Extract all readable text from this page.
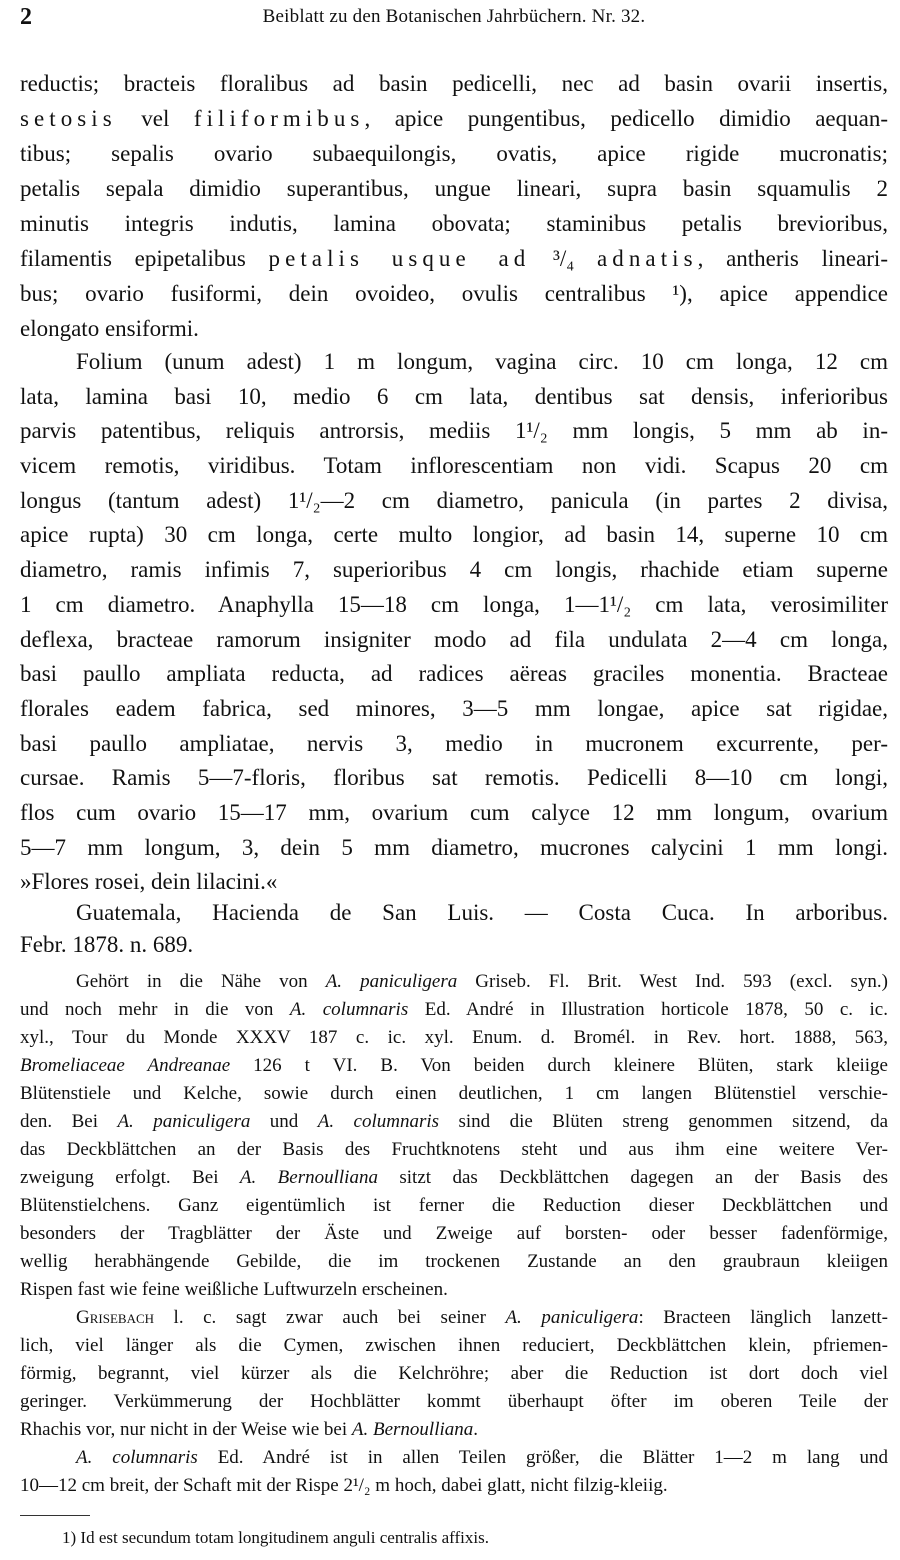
2	Beiblatt zu den Botanischen Jahrbüchern. Nr. 32.
reductis; bracteis floralibus ad basin pedicelli, nec ad basin ovarii insertis,
setosis vel filiformibus, apice pungentibus, pedicello dimidio aequan-
tibus; sepalis ovario subaequilongis, ovatis, apice rigide mucronatis;
petalis sepala dimidio superantibus, ungue lineari, supra basin squamulis 2
minutis integris indutis, lamina obovata; staminibus petalis brevioribus,
filamentis epipetalibus petalis usque ad ³/₄ adnatis, antheris lineari-
bus; ovario fusiformi, dein ovoideo, ovulis centralibus ¹), apice appendice
elongato ensiformi.
Folium (unum adest) 1 m longum, vagina circ. 10 cm longa, 12 cm
lata, lamina basi 10, medio 6 cm lata, dentibus sat densis, inferioribus
parvis patentibus, reliquis antrorsis, mediis 1¹/₂ mm longis, 5 mm ab in-
vicem remotis, viridibus. Totam inflorescentiam non vidi. Scapus 20 cm
longus (tantum adest) 1¹/₂—2 cm diametro, panicula (in partes 2 divisa,
apice rupta) 30 cm longa, certe multo longior, ad basin 14, superne 10 cm
diametro, ramis infimis 7, superioribus 4 cm longis, rhachide etiam superne
1 cm diametro. Anaphylla 15—18 cm longa, 1—1¹/₂ cm lata, verosimiliter
deflexa, bracteae ramorum insigniter modo ad fila undulata 2—4 cm longa,
basi paullo ampliata reducta, ad radices aëreas graciles monentia. Bracteae
florales eadem fabrica, sed minores, 3—5 mm longae, apice sat rigidae,
basi paullo ampliatae, nervis 3, medio in mucronem excurrente, per-
cursae. Ramis 5—7-floris, floribus sat remotis. Pedicelli 8—10 cm longi,
flos cum ovario 15—17 mm, ovarium cum calyce 12 mm longum, ovarium
5—7 mm longum, 3, dein 5 mm diametro, mucrones calycini 1 mm longi.
»Flores rosei, dein lilacini.«
Guatemala, Hacienda de San Luis. — Costa Cuca. In arboribus.
Febr. 1878. n. 689.
Gehört in die Nähe von A. paniculigera Griseb. Fl. Brit. West Ind. 593 (excl. syn.)
und noch mehr in die von A. columnaris Ed. André in Illustration horticole 1878, 50 c. ic.
xyl., Tour du Monde XXXV 187 c. ic. xyl. Enum. d. Bromél. in Rev. hort. 1888, 563,
Bromeliaceae Andreanae 126 t VI. B. Von beiden durch kleinere Blüten, stark kleiige
Blütenstiele und Kelche, sowie durch einen deutlichen, 1 cm langen Blütenstiel verschie-
den. Bei A. paniculigera und A. columnaris sind die Blüten streng genommen sitzend, da
das Deckblättchen an der Basis des Fruchtknotens steht und aus ihm eine weitere Ver-
zweigung erfolgt. Bei A. Bernoulliana sitzt das Deckblättchen dagegen an der Basis des
Blütenstielchens. Ganz eigentümlich ist ferner die Reduction dieser Deckblättchen und
besonders der Tragblätter der Äste und Zweige auf borsten- oder besser fadenförmige,
wellig herabhängende Gebilde, die im trockenen Zustande an den graubraun kleiigen
Rispen fast wie feine weißliche Luftwurzeln erscheinen.
Grisebach l. c. sagt zwar auch bei seiner A. paniculigera: Bracteen länglich lanzett-
lich, viel länger als die Cymen, zwischen ihnen reduciert, Deckblättchen klein, pfriemen-
förmig, begrannt, viel kürzer als die Kelchröhre; aber die Reduction ist dort doch viel
geringer. Verkümmerung der Hochblätter kommt überhaupt öfter im oberen Teile der
Rhachis vor, nur nicht in der Weise wie bei A. Bernoulliana.
A. columnaris Ed. André ist in allen Teilen größer, die Blätter 1—2 m lang und
10—12 cm breit, der Schaft mit der Rispe 2¹/₂ m hoch, dabei glatt, nicht filzig-kleiig.
1) Id est secundum totam longitudinem anguli centralis affixis.
